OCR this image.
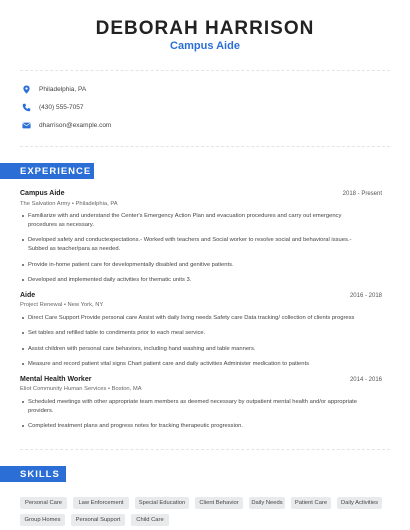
DEBORAH HARRISON
Campus Aide
Philadelphia, PA
(430) 555-7057
dharrison@example.com
EXPERIENCE
Campus Aide	2018 - Present
The Salvation Army • Philadelphia, PA
Familiarize with and understand the Center's Emergency Action Plan and evacuation procedures and carry out emergency procedures as necessary.
Developed safety and conductexpectations.- Worked with teachers and Social worker to resolve social and behavioral issues.- Subbed as teacher/para as needed.
Provide in-home patient care for developmentally disabled and genitive patients.
Developed and implemented daily activities for thematic units 3.
Aide	2016 - 2018
Project Renewal • New York, NY
Direct Care Support Provide personal care Assist with daily living needs Safety care Data tracking/ collection of clients progress
Set tables and refilled table to condiments prior to each meal service.
Assist children with personal care behaviors, including hand washing and table manners.
Measure and record patient vital signs Chart patient care and daily activities Administer medication to patients
Mental Health Worker	2014 - 2016
Eliot Community Human Services • Boston, MA
Scheduled meetings with other appropriate team members as deemed necessary by outpatient mental health and/or appropriate providers.
Completed treatment plans and progress notes for tracking therapeutic progression.
SKILLS
Personal Care	Law Enforcement	Special Education	Client Behavior	Daily Needs	Patient Care	Daily Activities
Group Homes	Personal Support	Child Care
